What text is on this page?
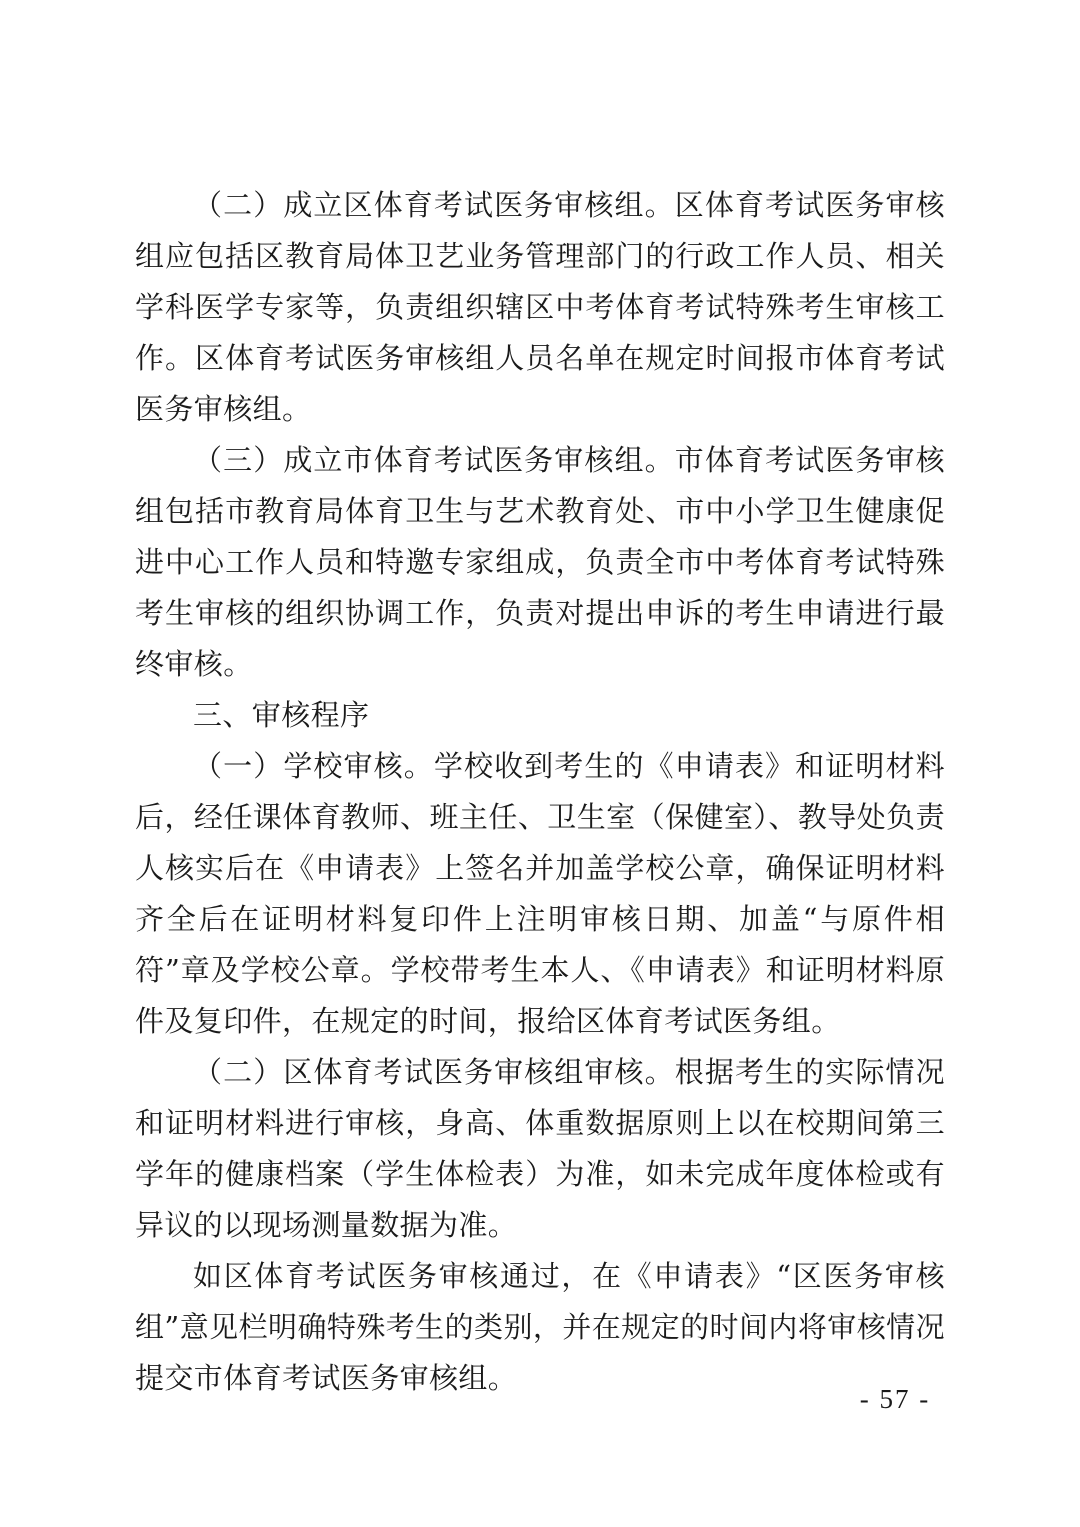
（二）成立区体育考试医务审核组。区体育考试医务审核组应包括区教育局体卫艺业务管理部门的行政工作人员、相关学科医学专家等，负责组织辖区中考体育考试特殊考生审核工作。区体育考试医务审核组人员名单在规定时间报市体育考试医务审核组。

（三）成立市体育考试医务审核组。市体育考试医务审核组包括市教育局体育卫生与艺术教育处、市中小学卫生健康促进中心工作人员和特邀专家组成，负责全市中考体育考试特殊考生审核的组织协调工作，负责对提出申诉的考生申请进行最终审核。

三、审核程序

（一）学校审核。学校收到考生的《申请表》和证明材料后，经任课体育教师、班主任、卫生室（保健室）、教导处负责人核实后在《申请表》上签名并加盖学校公章，确保证明材料齐全后在证明材料复印件上注明审核日期、加盖“与原件相符”章及学校公章。学校带考生本人、《申请表》和证明材料原件及复印件，在规定的时间，报给区体育考试医务组。

（二）区体育考试医务审核组审核。根据考生的实际情况和证明材料进行审核，身高、体重数据原则上以在校期间第三学年的健康档案（学生体检表）为准，如未完成年度体检或有异议的以现场测量数据为准。

如区体育考试医务审核通过，在《申请表》“区医务审核组”意见栏明确特殊考生的类别，并在规定的时间内将审核情况提交市体育考试医务审核组。

- 57 -
